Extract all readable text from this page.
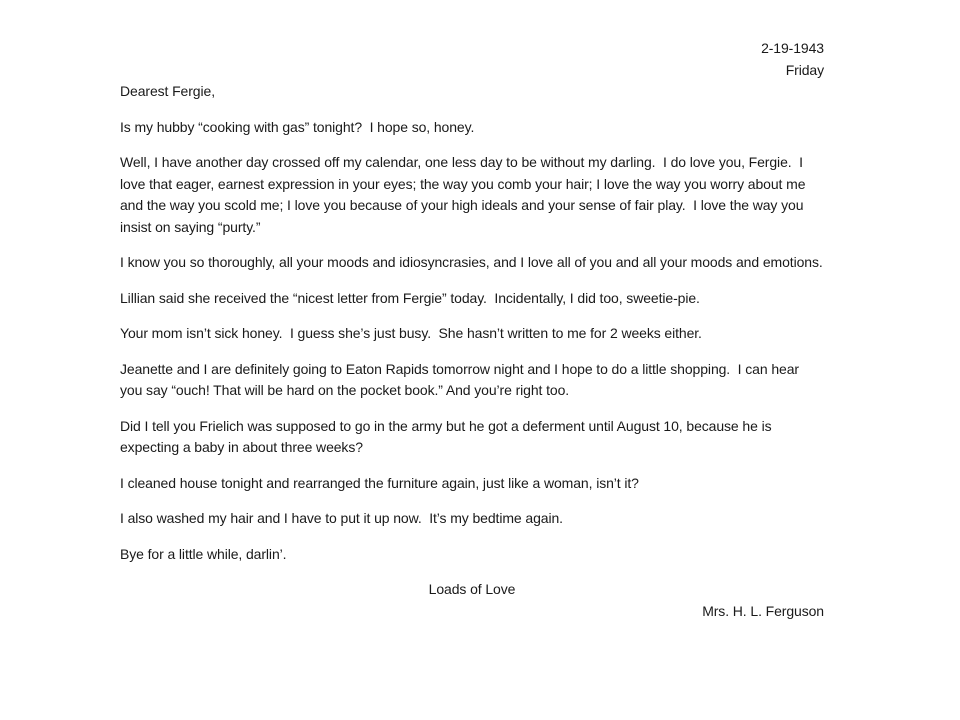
2-19-1943
Friday
Dearest Fergie,

Is my hubby “cooking with gas” tonight?  I hope so, honey.

Well, I have another day crossed off my calendar, one less day to be without my darling.  I do love you, Fergie.  I love that eager, earnest expression in your eyes; the way you comb your hair; I love the way you worry about me and the way you scold me; I love you because of your high ideals and your sense of fair play.  I love the way you insist on saying “purty.”

I know you so thoroughly, all your moods and idiosyncrasies, and I love all of you and all your moods and emotions.

Lillian said she received the “nicest letter from Fergie” today.  Incidentally, I did too, sweetie-pie.

Your mom isn’t sick honey.  I guess she’s just busy.  She hasn’t written to me for 2 weeks either.

Jeanette and I are definitely going to Eaton Rapids tomorrow night and I hope to do a little shopping.  I can hear you say “ouch! That will be hard on the pocket book.” And you’re right too.

Did I tell you Frielich was supposed to go in the army but he got a deferment until August 10, because he is expecting a baby in about three weeks?

I cleaned house tonight and rearranged the furniture again, just like a woman, isn’t it?

I also washed my hair and I have to put it up now.  It’s my bedtime again.

Bye for a little while, darlin’.

Loads of Love
Mrs. H. L. Ferguson
